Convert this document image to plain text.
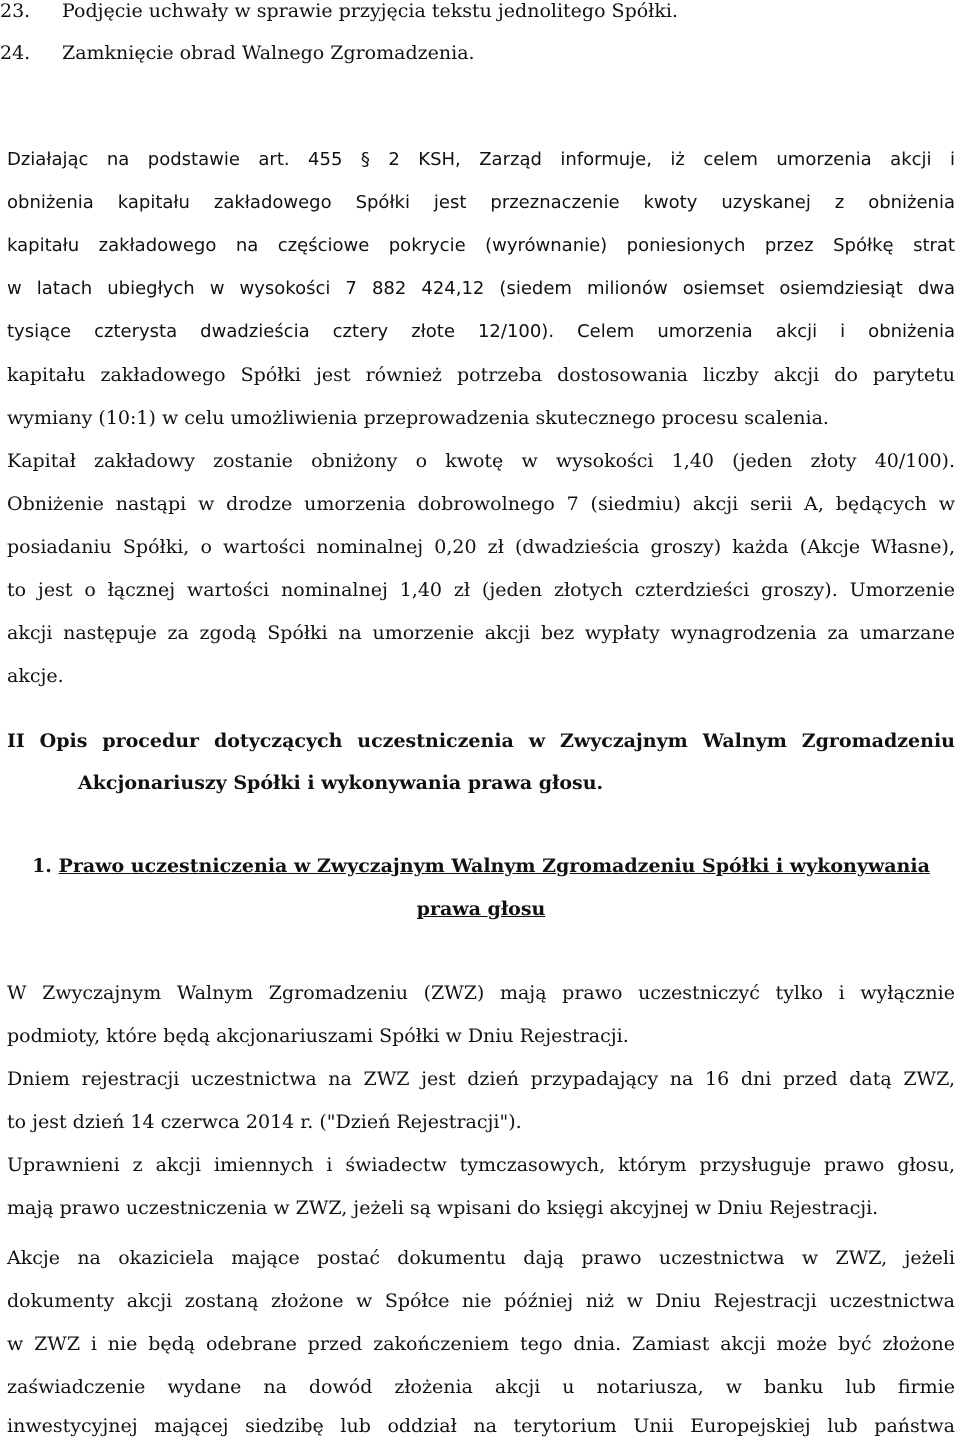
23. Podjęcie uchwały w sprawie przyjęcia tekstu jednolitego Spółki.
24. Zamknięcie obrad Walnego Zgromadzenia.
Działając na podstawie art. 455 § 2 KSH, Zarząd informuje, iż celem umorzenia akcji i
obniżenia kapitału zakładowego Spółki jest przeznaczenie kwoty uzyskanej z obniżenia
kapitału zakładowego na częściowe pokrycie (wyrównanie) poniesionych przez Spółkę strat
w latach ubiegłych w wysokości 7 882 424,12 (siedem milionów osiemset osiemdziesiąt dwa
tysiące czterysta dwadzieścia cztery złote 12/100). Celem umorzenia akcji i obniżenia
kapitału zakładowego Spółki jest również potrzeba dostosowania liczby akcji do parytetu
wymiany (10:1) w celu umożliwienia przeprowadzenia skutecznego procesu scalenia.
Kapitał zakładowy zostanie obniżony o kwotę w wysokości 1,40 (jeden złoty 40/100).
Obniżenie nastąpi w drodze umorzenia dobrowolnego 7 (siedmiu) akcji serii A, będących w
posiadaniu Spółki, o wartości nominalnej 0,20 zł (dwadzieścia groszy) każda (Akcje Własne),
to jest o łącznej wartości nominalnej 1,40 zł (jeden złotych czterdzieści groszy). Umorzenie
akcji następuje za zgodą Spółki na umorzenie akcji bez wypłaty wynagrodzenia za umarzane
akcje.
II Opis procedur dotyczących uczestniczenia w Zwyczajnym Walnym Zgromadzeniu
Akcjonariuszy Spółki i wykonywania prawa głosu.
1. Prawo uczestniczenia w Zwyczajnym Walnym Zgromadzeniu Spółki i wykonywania
prawa głosu
W Zwyczajnym Walnym Zgromadzeniu (ZWZ) mają prawo uczestniczyć tylko i wyłącznie
podmioty, które będą akcjonariuszami Spółki w Dniu Rejestracji.
Dniem rejestracji uczestnictwa na ZWZ jest dzień przypadający na 16 dni przed datą ZWZ,
to jest dzień 14 czerwca 2014 r. ("Dzień Rejestracji").
Uprawnieni z akcji imiennych i świadectw tymczasowych, którym przysługuje prawo głosu,
mają prawo uczestniczenia w ZWZ, jeżeli są wpisani do księgi akcyjnej w Dniu Rejestracji.
Akcje na okaziciela mające postać dokumentu dają prawo uczestnictwa w ZWZ, jeżeli
dokumenty akcji zostaną złożone w Spółce nie później niż w Dniu Rejestracji uczestnictwa
w ZWZ i nie będą odebrane przed zakończeniem tego dnia. Zamiast akcji może być złożone
zaświadczenie wydane na dowód złożenia akcji u notariusza, w banku lub firmie
inwestycyjnej mającej siedzibę lub oddział na terytorium Unii Europejskiej lub państwa
